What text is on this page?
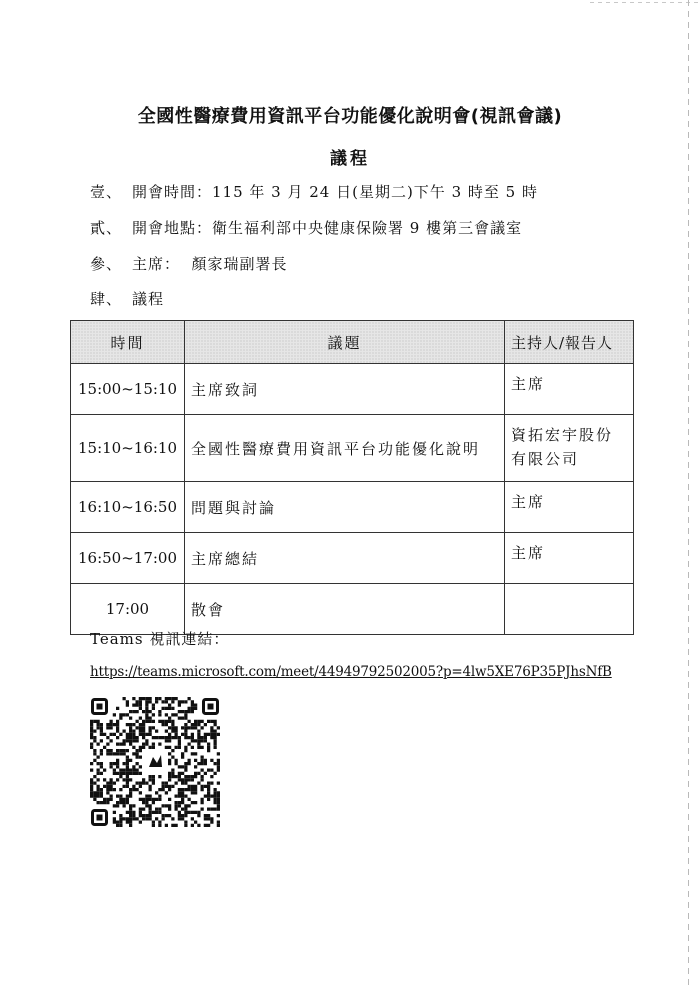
全國性醫療費用資訊平台功能優化說明會(視訊會議)
議程
壹、 開會時間：115 年 3 月 24 日(星期二)下午 3 時至 5 時
貳、 開會地點：衛生福利部中央健康保險署 9 樓第三會議室
參、 主席：  顏家瑞副署長
肆、 議程
時間	議題	主持人/報告人
15:00~15:10	主席致詞	主席
15:10~16:10	全國性醫療費用資訊平台功能優化說明	資拓宏宇股份有限公司
16:10~16:50	問題與討論	主席
16:50~17:00	主席總結	主席
17:00	散會	
Teams 視訊連結：
https://teams.microsoft.com/meet/44949792502005?p=4lw5XE76P35PJhsNfB
